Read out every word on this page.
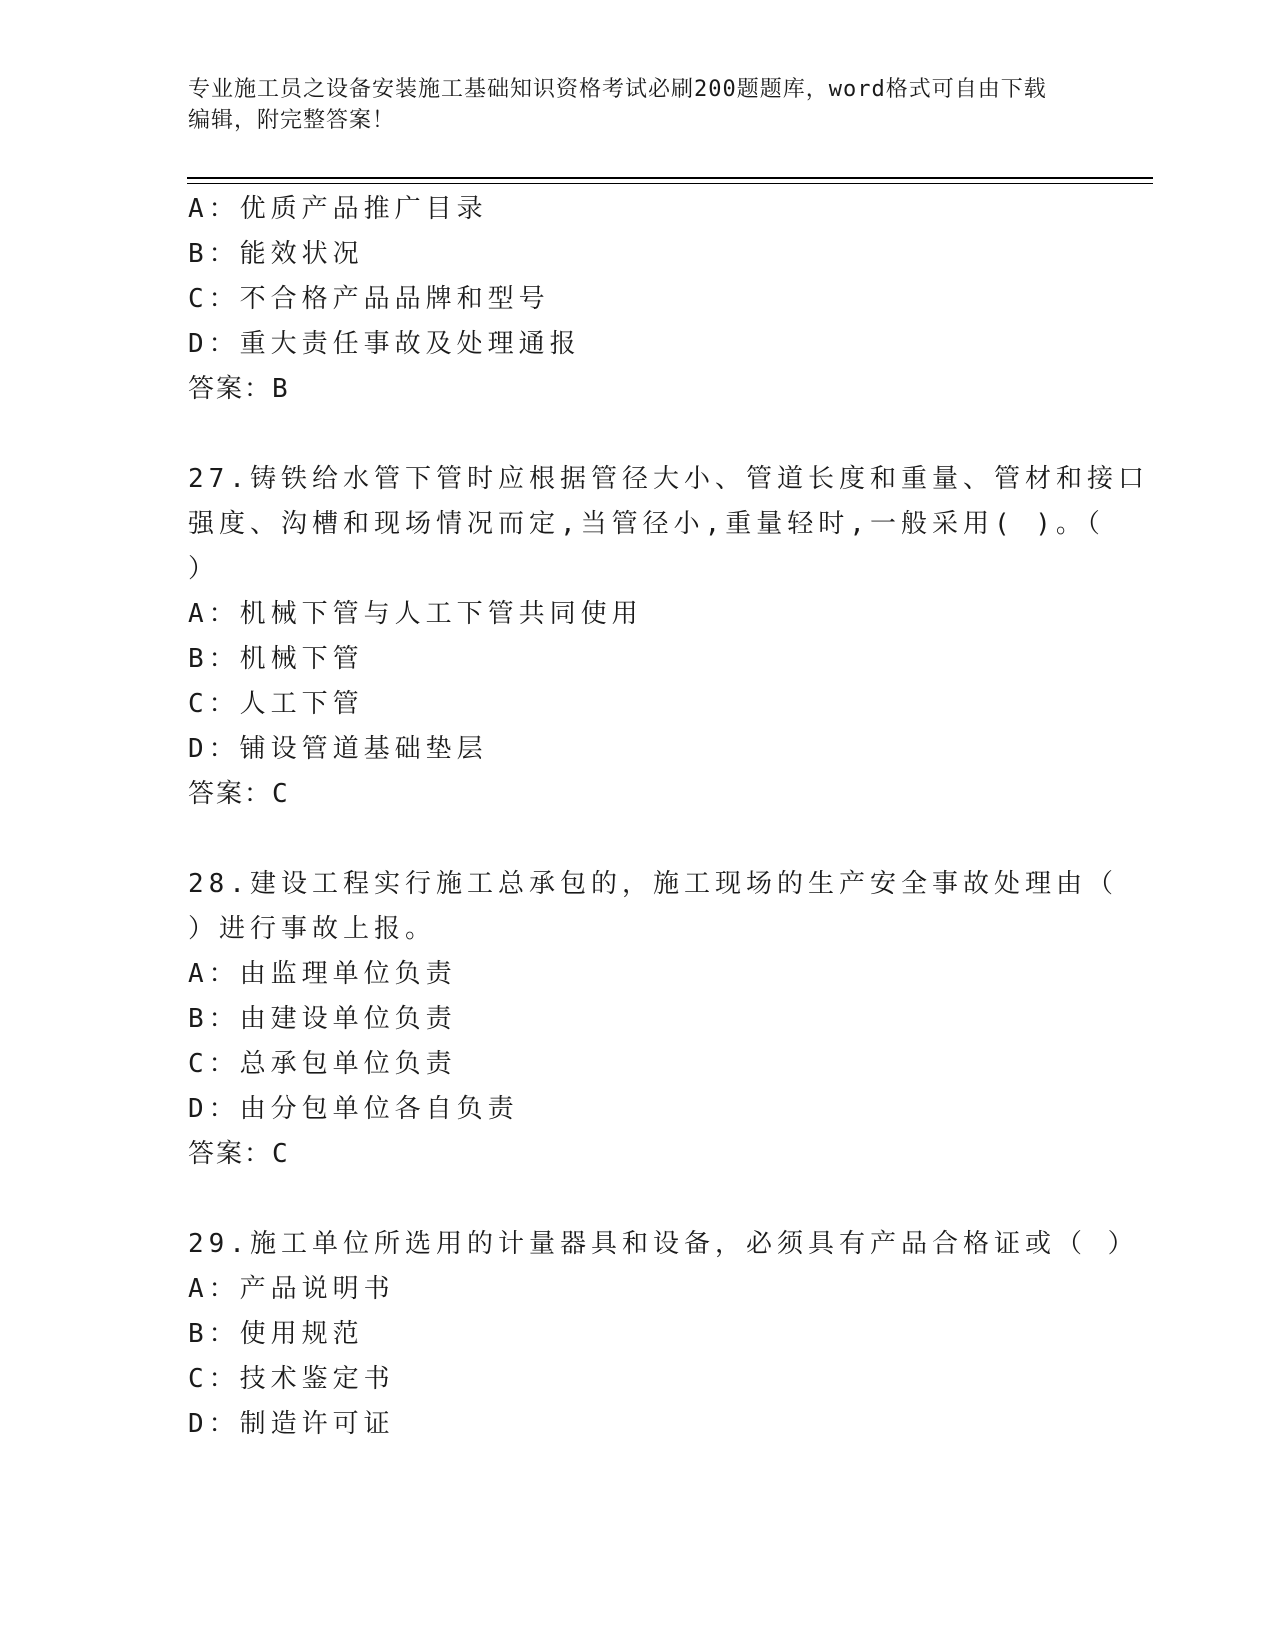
专业施工员之设备安装施工基础知识资格考试必刷200题题库，word格式可自由下载编辑，附完整答案！
A：优质产品推广目录
B：能效状况
C：不合格产品品牌和型号
D：重大责任事故及处理通报
答案：B
27.铸铁给水管下管时应根据管径大小、管道长度和重量、管材和接口
强度、沟槽和现场情况而定,当管径小,重量轻时,一般采用( )。（
）
A：机械下管与人工下管共同使用
B：机械下管
C：人工下管
D：铺设管道基础垫层
答案：C
28.建设工程实行施工总承包的，施工现场的生产安全事故处理由（
）进行事故上报。
A：由监理单位负责
B：由建设单位负责
C：总承包单位负责
D：由分包单位各自负责
答案：C
29.施工单位所选用的计量器具和设备，必须具有产品合格证或（ ）
A：产品说明书
B：使用规范
C：技术鉴定书
D：制造许可证
